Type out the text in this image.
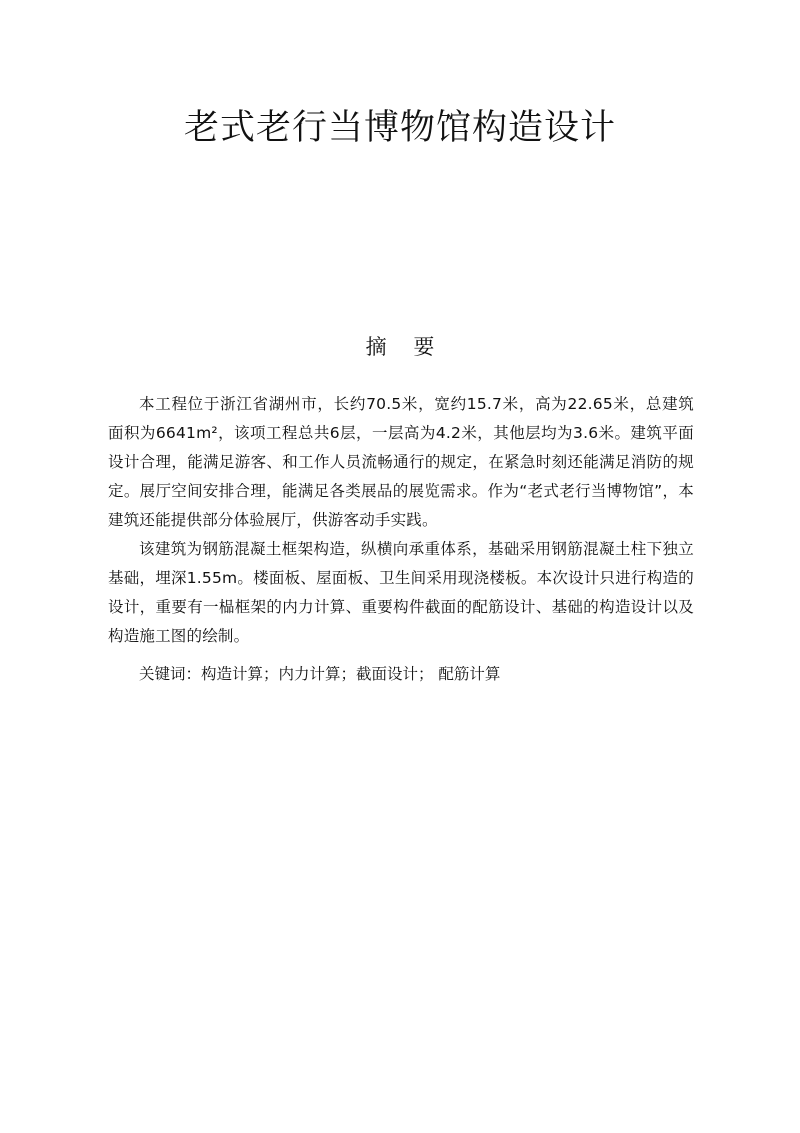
老式老行当博物馆构造设计
摘 要

本工程位于浙江省湖州市，长约70.5米，宽约15.7米，高为22.65米，总建筑面积为6641m²，该项工程总共6层，一层高为4.2米，其他层均为3.6米。建筑平面设计合理，能满足游客、和工作人员流畅通行的规定，在紧急时刻还能满足消防的规定。展厅空间安排合理，能满足各类展品的展览需求。作为“老式老行当博物馆”，本建筑还能提供部分体验展厅，供游客动手实践。

该建筑为钢筋混凝土框架构造，纵横向承重体系，基础采用钢筋混凝土柱下独立基础，埋深1.55m。楼面板、屋面板、卫生间采用现浇楼板。本次设计只进行构造的设计，重要有一榀框架的内力计算、重要构件截面的配筋设计、基础的构造设计以及构造施工图的绘制。

关键词：构造计算；内力计算；截面设计； 配筋计算
